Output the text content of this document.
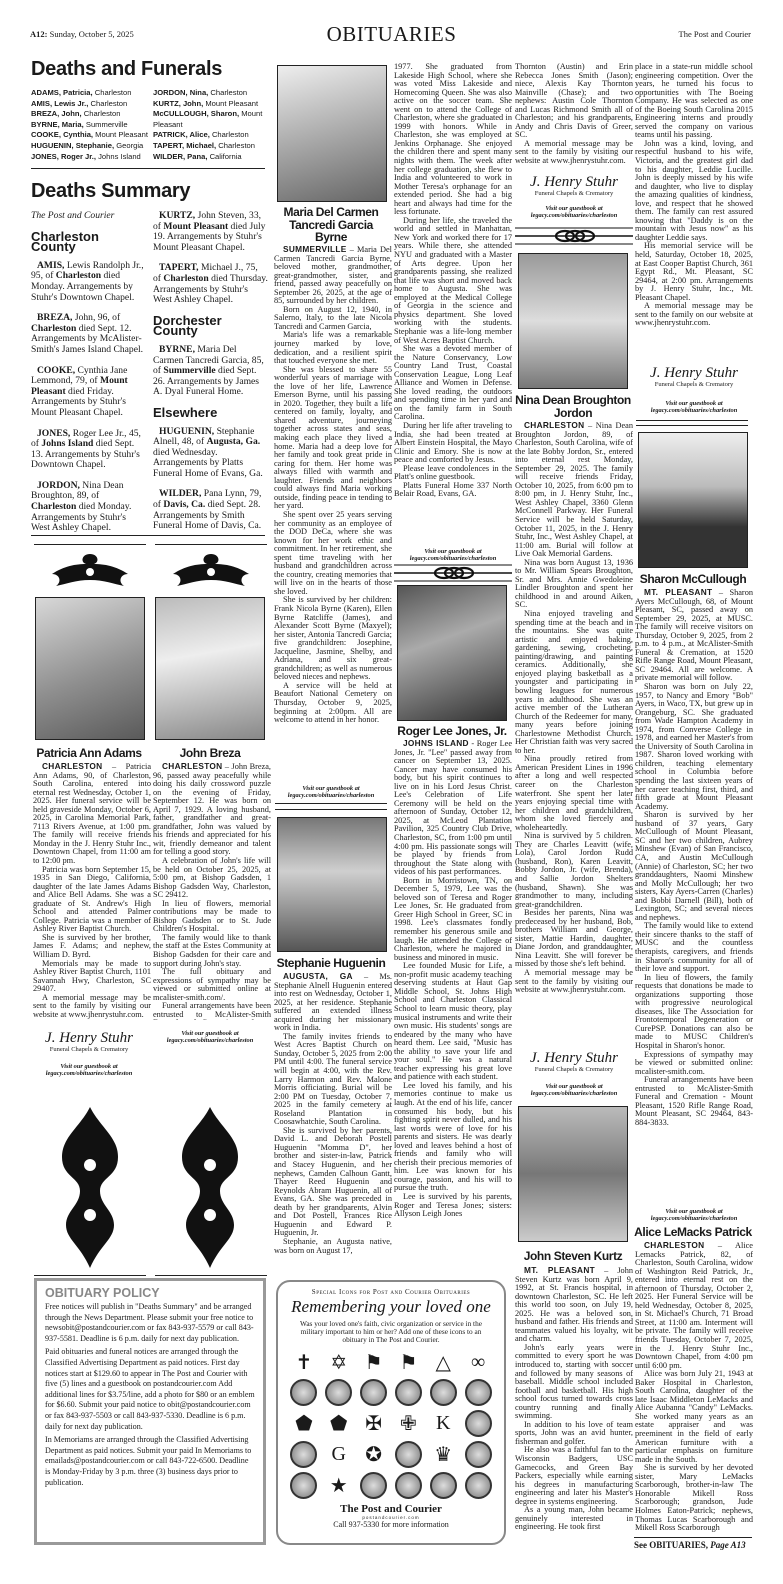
A12: Sunday, October 5, 2025	OBITUARIES	The Post and Courier
Deaths and Funerals
ADAMS, Patricia, Charleston
AMIS, Lewis Jr., Charleston
BREZA, John, Charleston
BYRNE, Maria, Summerville
COOKE, Cynthia, Mount Pleasant
HUGUENIN, Stephanie, Georgia
JONES, Roger Jr., Johns Island
JORDON, Nina, Charleston
KURTZ, John, Mount Pleasant
McCULLOUGH, Sharon, Mount Pleasant
PATRICK, Alice, Charleston
TAPERT, Michael, Charleston
WILDER, Pana, California
Deaths Summary
The Post and Courier
Charleston County

AMIS, Lewis Randolph Jr., 95, of Charleston died Monday. Arrangements by Stuhr's Downtown Chapel.

BREZA, John, 96, of Charleston died Sept. 12. Arrangements by McAlister-Smith's James Island Chapel.

COOKE, Cynthia Jane Lemmond, 79, of Mount Pleasant died Friday. Arrangements by Stuhr's Mount Pleasant Chapel.

JONES, Roger Lee Jr., 45, of Johns Island died Sept. 13. Arrangements by Stuhr's Downtown Chapel.

JORDON, Nina Dean Broughton, 89, of Charleston died Monday. Arrangements by Stuhr's West Ashley Chapel.

KURTZ, John Steven, 33, of Mount Pleasant died July 19. Arrangements by Stuhr's Mount Pleasant Chapel.

TAPERT, Michael J., 75, of Charleston died Thursday. Arrangements by Stuhr's West Ashley Chapel.

Dorchester County

BYRNE, Maria Del Carmen Tancredi Garcia, 85, of Summerville died Sept. 26. Arrangements by James A. Dyal Funeral Home.

Elsewhere

HUGUENIN, Stephanie Alnell, 48, of Augusta, Ga. died Wednesday. Arrangements by Platts Funeral Home of Evans, Ga.

WILDER, Pana Lynn, 79, of Davis, Ca. died Sept. 28. Arrangements by Smith Funeral Home of Davis, Ca.

Patricia Ann Adams

CHARLESTON – Patricia Ann Adams, 90, of Charleston, South Carolina, entered into eternal rest Wednesday, October 1, 2025. Her funeral service will be held graveside Monday, October 6, 2025, in Carolina Memorial Park, 7113 Rivers Avenue, at 1:00 pm. The family will receive friends Monday in the J. Henry Stuhr Inc., Downtown Chapel, from 11:00 am to 12:00 pm.

Patricia was born September 15, 1935 in San Diego, California, daughter of the late James Adams and Alice Bell Adams. She was a graduate of St. Andrew's High School and attended Palmer College. Patricia was a member of Ashley River Baptist Church.

She is survived by her brother, James F. Adams; and nephew, William D. Byrd.

Memorials may be made to Ashley River Baptist Church, 1101 Savannah Hwy, Charleston, SC 29407.

A memorial message may be sent to the family by visiting our website at www.jhenrystuhr.com.

J. Henry Stuhr
Funeral Chapels & Crematory
Visit our guestbook at
legacy.com/obituaries/charleston
John Breza

CHARLESTON – John Breza, 96, passed away peacefully while doing his daily crossword puzzle on the evening of Friday, September 12. He was born on April 7, 1929. A loving husband, father, grandfather and great-grandfather, John was valued by his friends and appreciated for his wit, friendly demeanor and talent for telling a good story.

A celebration of John's life will be held on October 25, 2025, at 5:00 pm, at Bishop Gadsden, 1 Bishop Gadsden Way, Charleston, SC 29412.

In lieu of flowers, memorial contributions may be made to Bishop Gadsden or to St. Jude Children's Hospital.

The family would like to thank the staff at the Estes Community at Bishop Gadsden for their care and support during John's stay.

The full obituary and expressions of sympathy may be viewed or submitted online at mcalister-smith.com/.

Funeral arrangements have been entrusted to McAlister-Smith

Visit our guestbook at
legacy.com/obituaries/charleston
OBITUARY POLICY

Free notices will publish in "Deaths Summary" and be arranged through the News Department. Please submit your free notice to newsobit@postandcourier.com or fax 843-937-5579 or call 843-937-5581. Deadline is 6 p.m. daily for next day publication.

Paid obituaries and funeral notices are arranged through the Classified Advertising Department as paid notices. First day notices start at $129.60 to appear in The Post and Courier with five (5) lines and a guestbook on postandcourier.com Add additional lines for $3.75/line, add a photo for $80 or an emblem for $6.60. Submit your paid notice to obit@postandcourier.com or fax 843-937-5503 or call 843-937-5330. Deadline is 6 p.m. daily for next day publication.

In Memoriams are arranged through the Classified Advertising Department as paid notices. Submit your paid In Memoriams to emailads@postandcourier.com or call 843-722-6500. Deadline is Monday-Friday by 3 p.m. three (3) business days prior to publication.

Maria Del Carmen Tancredi Garcia Byrne

SUMMERVILLE – Maria Del Carmen Tancredi Garcia Byrne, beloved mother, grandmother, great-grandmother, sister, and friend, passed away peacefully on September 26, 2025, at the age of 85, surrounded by her children.

Born on August 12, 1940, in Salerno, Italy, to the late Nicola Tancredi and Carmen Garcia,

Maria's life was a remarkable journey marked by love, dedication, and a resilient spirit that touched everyone she met.

She was blessed to share 55 wonderful years of marriage with the love of her life, Lawrence Emerson Byrne, until his passing in 2020. Together, they built a life centered on family, loyalty, and shared adventure, journeying together across states and seas, making each place they lived a home. Maria had a deep love for her family and took great pride in caring for them. Her home was always filled with warmth and laughter. Friends and neighbors could always find Maria working outside, finding peace in tending to her yard.

She spent over 25 years serving her community as an employee of the DOD DeCa, where she was known for her work ethic and commitment. In her retirement, she spent time traveling with her husband and grandchildren across the country, creating memories that will live on in the hearts of those she loved.

She is survived by her children: Frank Nicola Byrne (Karen), Ellen Byrne Ratcliffe (James), and Alexander Scott Byrne (Maxyel); her sister, Antonia Tancredi Garcia; five grandchildren: Josephine, Jacqueline, Jasmine, Shelby, and Adriana, and six great-grandchildren; as well as numerous beloved nieces and nephews.

A service will be held at Beaufort National Cemetery on Thursday, October 9, 2025, beginning at 2:00pm. All are welcome to attend in her honor.

Visit our guestbook at
legacy.com/obituaries/charleston
Stephanie Huguenin

AUGUSTA, GA – Ms. Stephanie Alnell Huguenin entered into rest on Wednesday, October 1, 2025, at her residence. Stephanie suffered an extended illness acquired during her missionary work in India.

The family invites friends to West Acres Baptist Church on Sunday, October 5, 2025 from 2:00 PM until 4:00. The funeral service will begin at 4:00, with the Rev. Larry Harmon and Rev. Malone Morris officiating. Burial will be 2:00 PM on Tuesday, October 7, 2025 in the family cemetery at Roseland Plantation in Coosawhatchie, South Carolina.

She is survived by her parents, David L. and Deborah Postell Huguenin "Momma D", her brother and sister-in-law, Patrick and Stacey Huguenin, and her nephews, Camden Calhoun Gantt, Thayer Reed Huguenin and Reynolds Abram Huguenin, all of Evans, GA. She was preceded in death by her grandparents, Alvin and Dot Postell, Frances Rice Huguenin and Edward P. Huguenin, Jr.

Stephanie, an Augusta native, was born on August 17,

Special Icons for Post and Courier Obituaries
Remembering your loved one
Was your loved one's faith, civic organization or service in the military important to him or her? Add one of these icons to an obituary in The Post and Courier.
✝ ✡ ⚑ ⚑ △	∞
⬟ ⬟ ✠ ✙ K
G ✪	♛
★
The Post and Courier
postandcourier.com
Call 937-5330 for more information

1977. She graduated from Lakeside High School, where she was voted Miss Lakeside and Homecoming Queen. She was also active on the soccer team. She went on to attend the College of Charleston, where she graduated in 1999 with honors. While in Charleston, she was employed at Jenkins Orphanage. She enjoyed the children there and spent many nights with them. The week after her college graduation, she flew to India and volunteered to work in Mother Teresa's orphanage for an extended period. She had a big heart and always had time for the less fortunate.

During her life, she traveled the world and settled in Manhattan, New York and worked there for 17 years. While there, she attended NYU and graduated with a Master of Arts degree. Upon her grandparents passing, she realized that life was short and moved back home to Augusta. She was employed at the Medical College of Georgia in the science and physics department. She loved working with the students. Stephanie was a life-long member of West Acres Baptist Church.

She was a devoted member of the Nature Conservancy, Low Country Land Trust, Coastal Conservation League, Long Leaf Alliance and Women in Defense. She loved reading, the outdoors and spending time in her yard and on the family farm in South Carolina.

During her life after traveling to India, she had been treated at Albert Einstein Hospital, the Mayo Clinic and Emory. She is now at peace and comforted by Jesus.

Please leave condolences in the Platt's online guestbook.

Platts Funeral Home 337 North Belair Road, Evans, GA.

Visit our guestbook at
legacy.com/obituaries/charleston
Roger Lee Jones, Jr.

JOHNS ISLAND - Roger Lee Jones, Jr. "Lee" passed away from cancer on September 13, 2025. Cancer may have consumed his body, but his spirit continues to live on in his Lord Jesus Christ. Lee's Celebration of Life Ceremony will be held on the afternoon of Sunday, October 12, 2025, at McLeod Plantation Pavilion, 325 Country Club Drive, Charleston, SC, from 1:00 pm until 4:00 pm. His passionate songs will be played by friends from throughout the State along with videos of his past performances.

Born in Morristown, TN, on December 5, 1979, Lee was the beloved son of Teresa and Roger Lee Jones, Sr. He graduated from Greer High School in Greer, SC in 1998. Lee's classmates fondly remember his generous smile and laugh. He attended the College of Charleston, where he majored in business and minored in music.

Lee founded Music for Life, a non-profit music academy teaching deserving students at Haut Gap Middle School, St. Johns High School and Charleston Classical School to learn music theory, play musical instruments and write their own music. His students' songs are endeared by the many who have heard them. Lee said, "Music has the ability to save your life and your soul." He was a natural teacher expressing his great love and patience with each student.

Lee loved his family, and his memories continue to make us laugh. At the end of his life, cancer consumed his body, but his fighting spirit never dulled, and his last words were of love for his parents and sisters. He was dearly loved and leaves behind a host of friends and family who will cherish their precious memories of him. Lee was known for his courage, passion, and his will to pursue the truth.

Lee is survived by his parents, Roger and Teresa Jones; sisters: Allyson Leigh Jones

Thornton (Austin) and Erin Rebecca Jones Smith (Jason); niece, Alexis Kay Thornton Mainville (Chase); and two nephews: Austin Cole Thornton and Lucas Richmond Smith all of Charleston; and his grandparents, Andy and Chris Davis of Greer, SC.

A memorial message may be sent to the family by visiting our website at www.jhenrystuhr.com.

J. Henry Stuhr
Funeral Chapels & Crematory
Visit our guestbook at
legacy.com/obituaries/charleston
Nina Dean Broughton Jordon

CHARLESTON – Nina Dean Broughton Jordon, 89, of Charleston, South Carolina, wife of the late Bobby Jordon, Sr., entered into eternal rest Monday, September 29, 2025. The family will receive friends Friday, October 10, 2025, from 6:00 pm to 8:00 pm, in J. Henry Stuhr, Inc., West Ashley Chapel, 3360 Glenn McConnell Parkway. Her Funeral Service will be held Saturday, October 11, 2025, in the J. Henry Stuhr, Inc., West Ashley Chapel, at 11:00 am. Burial will follow at Live Oak Memorial Gardens.

Nina was born August 13, 1936 to Mr. William Spears Broughton, Sr. and Mrs. Annie Gwedoleine Lindler Broughton and spent her childhood in and around Aiken, SC.

Nina enjoyed traveling and spending time at the beach and in the mountains. She was quite artistic and enjoyed baking, gardening, sewing, crocheting, painting/drawing, and painting ceramics. Additionally, she enjoyed playing basketball as a youngster and participating in bowling leagues for numerous years in adulthood. She was an active member of the Lutheran Church of the Redeemer for many, many years before joining Charlestowne Methodist Church. Her Christian faith was very sacred to her.

Nina proudly retired from American President Lines in 1996 after a long and well respected career on the Charleston waterfront. She spent her later years enjoying special time with her children and grandchildren, whom she loved fiercely and wholeheartedly.

Nina is survived by 5 children. They are Charles Leavitt (wife, Lola), Carol Jordon Rudd (husband, Ron), Karen Leavitt, Bobby Jordon, Jr. (wife, Brenda), and Sallie Jordon Shelters (husband, Shawn). She was grandmother to many, including great-grandchildren.

Besides her parents, Nina was predeceased by her husband, Bob, brothers William and George, sister, Mattie Hardin, daughter, Diane Jordon, and granddaughter, Nina Leavitt. She will forever be missed by those she's left behind.

A memorial message may be sent to the family by visiting our website at www.jhenrystuhr.com.

J. Henry Stuhr
Funeral Chapels & Crematory
Visit our guestbook at
legacy.com/obituaries/charleston
John Steven Kurtz

MT. PLEASANT – John Steven Kurtz was born April 9, 1992, at St. Francis hospital, in downtown Charleston, SC. He left this world too soon, on July 19, 2025. He was a beloved son, husband and father. His friends and teammates valued his loyalty, wit and charm.

John's early years were committed to every sport he was introduced to, starting with soccer and followed by many seasons of baseball. Middle school included football and basketball. His high school focus turned towards cross country running and finally swimming.

In addition to his love of team sports, John was an avid hunter, fisherman and golfer.

He also was a faithful fan to the Wisconsin Badgers, USC Gamecocks, and Green Bay Packers, especially while earning his degrees in manufacturing engineering and later his Master's degree in systems engineering.

As a young man, John became genuinely interested in engineering. He took first

place in a state-run middle school engineering competition. Over the years, he turned his focus to opportunities with The Boeing Company. He was selected as one of the Boeing South Carolina 2015 Engineering interns and proudly served the company on various teams until his passing.

John was a kind, loving, and respectful husband to his wife, Victoria, and the greatest girl dad to his daughter, Leddie Lucille. John is deeply missed by his wife and daughter, who live to display the amazing qualities of kindness, love, and respect that he showed them. The family can rest assured knowing that "Daddy is on the mountain with Jesus now" as his daughter Leddie says.

His memorial service will be held, Saturday, October 18, 2025, at East Cooper Baptist Church, 361 Egypt Rd., Mt. Pleasant, SC 29464, at 2:00 pm. Arrangements by J. Henry Stuhr, Inc., Mt. Pleasant Chapel.

A memorial message may be sent to the family on our website at www.jhenrystuhr.com.

J. Henry Stuhr
Funeral Chapels & Crematory
Visit our guestbook at
legacy.com/obituaries/charleston
Sharon McCullough

MT. PLEASANT – Sharon Ayers McCullough, 68, of Mount Pleasant, SC, passed away on September 29, 2025, at MUSC. The family will receive visitors on Thursday, October 9, 2025, from 2 p.m. to 4 p.m., at McAlister-Smith Funeral & Cremation, at 1520 Rifle Range Road, Mount Pleasant, SC 29464. All are welcome. A private memorial will follow.

Sharon was born on July 22, 1957, to Nancy and Emory "Bob" Ayers, in Waco, TX, but grew up in Orangeburg, SC. She graduated from Wade Hampton Academy in 1974, from Converse College in 1978, and earned her Master's from the University of South Carolina in 1987. Sharon loved working with children, teaching elementary school in Columbia before spending the last sixteen years of her career teaching first, third, and fifth grade at Mount Pleasant Academy.

Sharon is survived by her husband of 37 years, Gary McCullough of Mount Pleasant, SC and her two children, Aubrey Minshew (Evan) of San Francisco, CA, and Austin McCullough (Annie) of Charleston, SC; her two granddaughters, Naomi Minshew and Molly McCullough; her two sisters, Kay Ayers-Carren (Charles) and Bobbi Darnell (Bill), both of Lexington, SC; and several nieces and nephews.

The family would like to extend their sincere thanks to the staff of MUSC and the countless therapists, caregivers, and friends in Sharon's community for all of their love and support.

In lieu of flowers, the family requests that donations be made to organizations supporting those with progressive neurological diseases, like The Association for Frontotemporal Degeneration or CurePSP. Donations can also be made to MUSC Children's Hospital in Sharon's honor.

Expressions of sympathy may be viewed or submitted online: mcalister-smith.com.

Funeral arrangements have been entrusted to McAlister-Smith Funeral and Cremation - Mount Pleasant, 1520 Rifle Range Road, Mount Pleasant, SC 29464, 843-884-3833.

Visit our guestbook at
legacy.com/obituaries/charleston
Alice LeMacks Patrick

CHARLESTON – Alice Lemacks Patrick, 82, of Charleston, South Carolina, widow of Washington Reid Patrick, Jr., entered into eternal rest on the afternoon of Thursday, October 2, 2025. Her Funeral Service will be held Wednesday, October 8, 2025, in St. Michael's Church, 71 Broad Street, at 11:00 am. Interment will be private. The family will receive friends Tuesday, October 7, 2025, in the J. Henry Stuhr Inc., Downtown Chapel, from 4:00 pm until 6:00 pm.

Alice was born July 21, 1943 at Baker Hospital in Charleston, South Carolina, daughter of the late Isaac Middleton LeMacks and Alice Aubanna "Candy" LeMacks. She worked many years as an estate appraiser and was preeminent in the field of early American furniture with a particular emphasis on furniture made in the South.

She is survived by her devoted sister, Mary LeMacks Scarborough, brother-in-law The Honorable Mikell Ross Scarborough; grandson, Jude Holmes Eaton-Patrick; nephews, Thomas Lucas Scarborough and Mikell Ross Scarborough

See OBITUARIES, Page A13
